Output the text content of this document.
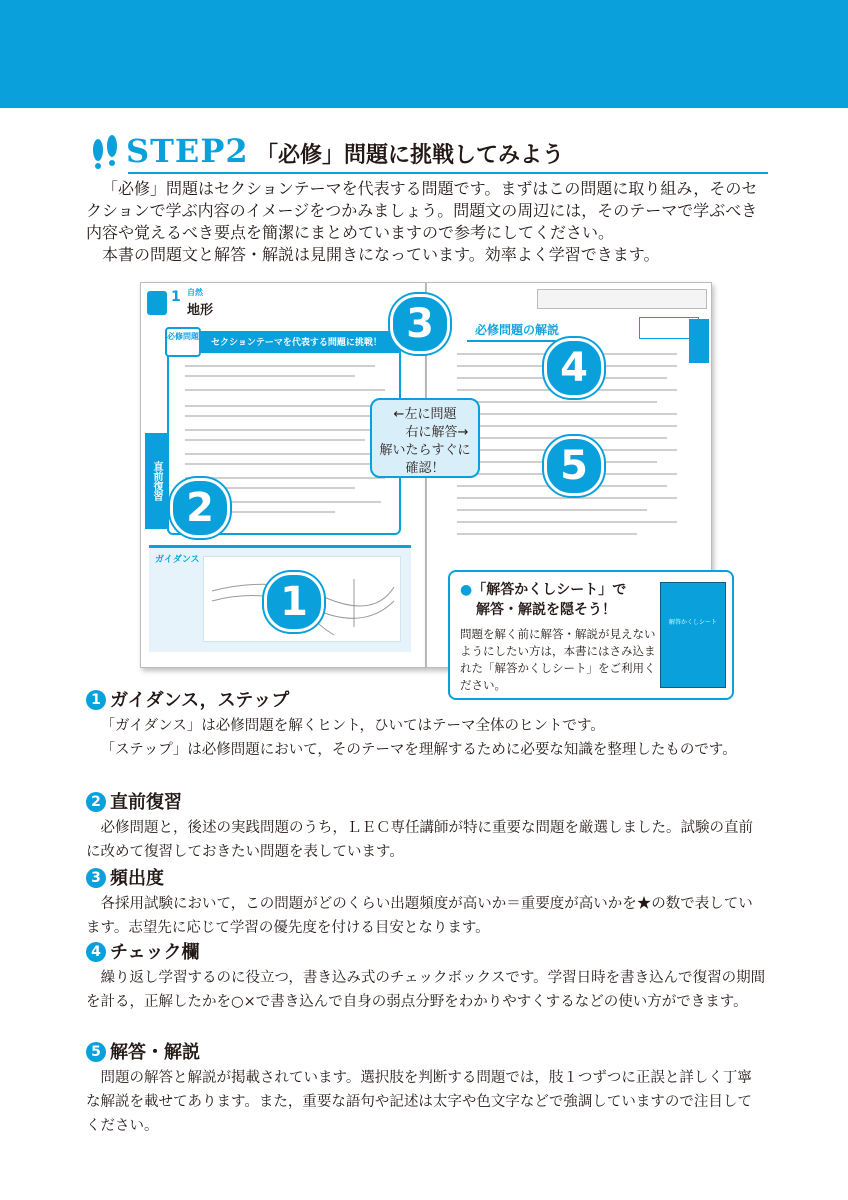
STEP2 「必修」問題に挑戦してみよう

「必修」問題はセクションテーマを代表する問題です。まずはこの問題に取り組み，そのセクションで学ぶ内容のイメージをつかみましょう。問題文の周辺には，そのテーマで学ぶべき内容や覚えるべき要点を簡潔にまとめていますので参考にしてください。

本書の問題文と解答・解説は見開きになっています。効率よく学習できます。

1 自然
地形
セクションテーマを代表する問題に挑戦！
必修問題
直前復習
ガイダンス
必修問題の解説
←左に問題
右に解答→
解いたらすぐに
確認！
●「解答かくしシート」で
解答・解説を隠そう！
問題を解く前に解答・解説が見えないようにしたい方は，本書にはさみ込まれた「解答かくしシート」をご利用ください。
解答かくしシート
1
2
3
4
5
1 ガイダンス，ステップ

「ガイダンス」は必修問題を解くヒント，ひいてはテーマ全体のヒントです。

「ステップ」は必修問題において，そのテーマを理解するために必要な知識を整理したものです。

2 直前復習

必修問題と，後述の実践問題のうち，ＬＥＣ専任講師が特に重要な問題を厳選しました。試験の直前に改めて復習しておきたい問題を表しています。

3 頻出度

各採用試験において，この問題がどのくらい出題頻度が高いか＝重要度が高いかを★の数で表しています。志望先に応じて学習の優先度を付ける目安となります。

4 チェック欄

繰り返し学習するのに役立つ，書き込み式のチェックボックスです。学習日時を書き込んで復習の期間を計る，正解したかを○×で書き込んで自身の弱点分野をわかりやすくするなどの使い方ができます。

5 解答・解説

問題の解答と解説が掲載されています。選択肢を判断する問題では，肢１つずつに正誤と詳しく丁寧な解説を載せてあります。また，重要な語句や記述は太字や色文字などで強調していますので注目してください。
